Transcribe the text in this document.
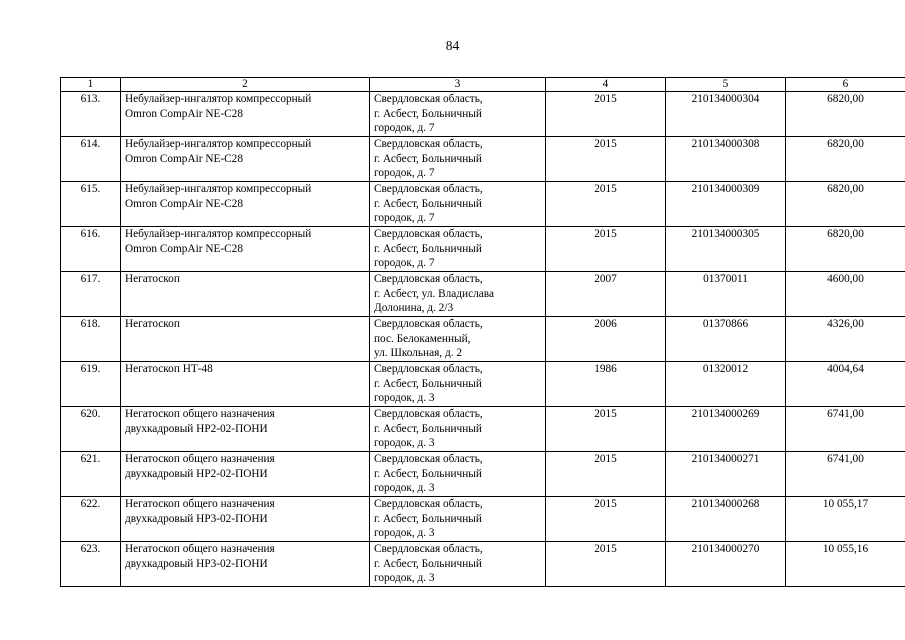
84
1	2	3	4	5	6
613.	Небулайзер-ингалятор компрессорный
Omron CompAir NE-C28	Свердловская область,
г. Асбест, Больничный
городок, д. 7	2015	210134000304	6820,00
614.	Небулайзер-ингалятор компрессорный
Omron CompAir NE-C28	Свердловская область,
г. Асбест, Больничный
городок, д. 7	2015	210134000308	6820,00
615.	Небулайзер-ингалятор компрессорный
Omron CompAir NE-C28	Свердловская область,
г. Асбест, Больничный
городок, д. 7	2015	210134000309	6820,00
616.	Небулайзер-ингалятор компрессорный
Omron CompAir NE-C28	Свердловская область,
г. Асбест, Больничный
городок, д. 7	2015	210134000305	6820,00
617.	Негатоскоп	Свердловская область,
г. Асбест, ул. Владислава
Долонина, д. 2/3	2007	01370011	4600,00
618.	Негатоскоп	Свердловская область,
пос. Белокаменный,
ул. Школьная, д. 2	2006	01370866	4326,00
619.	Негатоскоп НТ-48	Свердловская область,
г. Асбест, Больничный
городок, д. 3	1986	01320012	4004,64
620.	Негатоскоп общего назначения
двухкадровый НР2-02-ПОНИ	Свердловская область,
г. Асбест, Больничный
городок, д. 3	2015	210134000269	6741,00
621.	Негатоскоп общего назначения
двухкадровый НР2-02-ПОНИ	Свердловская область,
г. Асбест, Больничный
городок, д. 3	2015	210134000271	6741,00
622.	Негатоскоп общего назначения
двухкадровый НР3-02-ПОНИ	Свердловская область,
г. Асбест, Больничный
городок, д. 3	2015	210134000268	10 055,17
623.	Негатоскоп общего назначения
двухкадровый НР3-02-ПОНИ	Свердловская область,
г. Асбест, Больничный
городок, д. 3	2015	210134000270	10 055,16
